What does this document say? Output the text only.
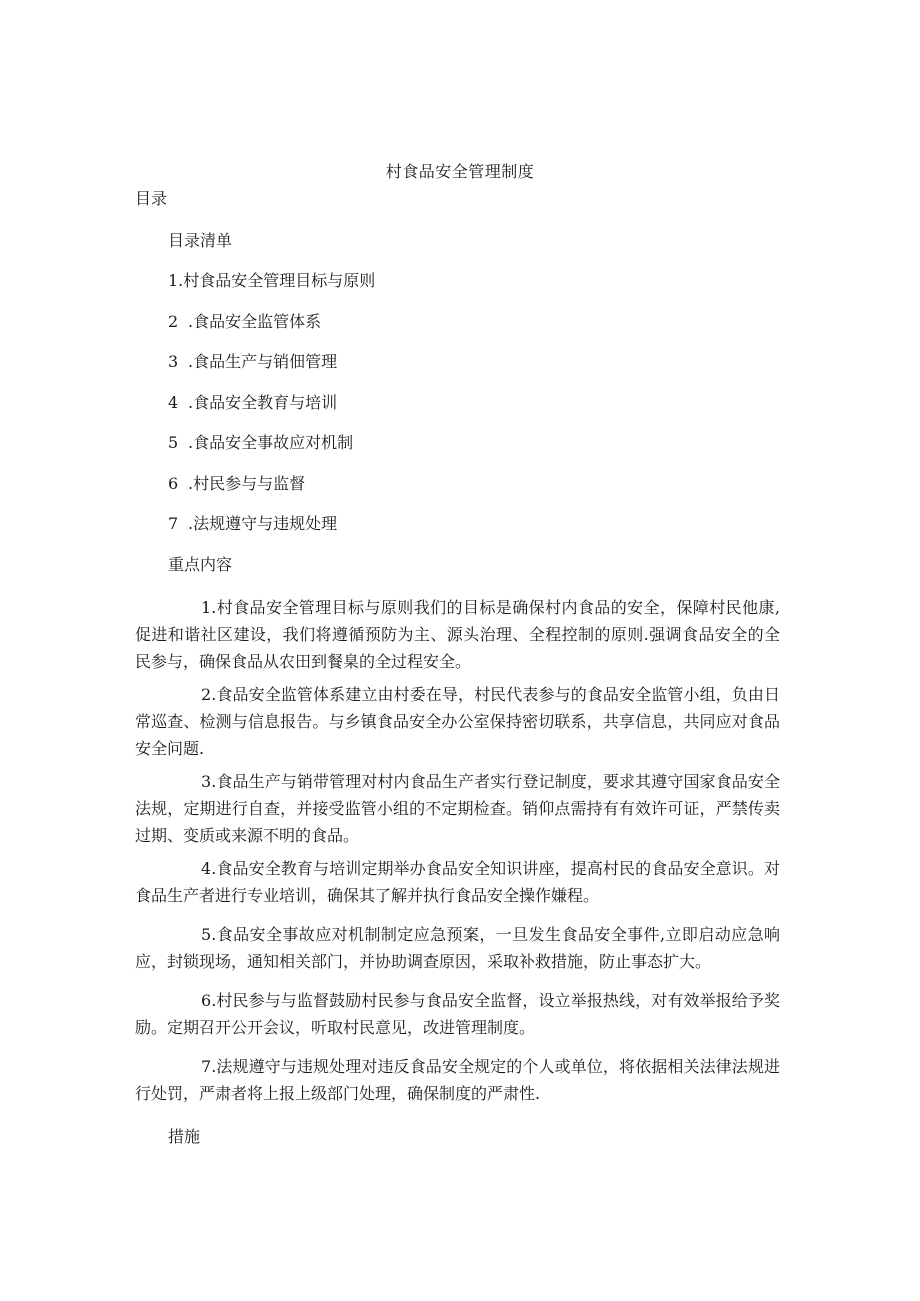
村食品安全管理制度
目录
目录清单
1.村食品安全管理目标与原则
2 .食品安全监管体系
3 .食品生产与销佃管理
4 .食品安全教育与培训
5 .食品安全事故应对机制
6 .村民参与与监督
7 .法规遵守与违规处理
重点内容
1.村食品安全管理目标与原则我们的目标是确保村内食品的安全，保障村民他康,促进和谐社区建设，我们将遵循预防为主、源头治理、全程控制的原则.强调食品安全的全民参与，确保食品从农田到餐臬的全过程安全。
2.食品安全监管体系建立由村委在导，村民代表参与的食品安全监管小组，负由日常巡查、检测与信息报告。与乡镇食品安全办公室保持密切联系，共享信息，共同应对食品安全问题.
3.食品生产与销带管理对村内食品生产者实行登记制度，要求其遵守国家食品安全法规，定期进行自查，并接受监管小组的不定期检查。销仰点需持有有效许可证，严禁传卖过期、变质或来源不明的食品。
4.食品安全教育与培训定期举办食品安全知识讲座，提高村民的食品安全意识。对食品生产者进行专业培训，确保其了解并执行食品安全操作嫌程。
5.食品安全事故应对机制制定应急预案，一旦发生食品安全事件,立即启动应急响应，封锁现场，通知相关部门，并协助调查原因，采取补救措施，防止事态扩大。
6.村民参与与监督鼓励村民参与食品安全监督，设立举报热线，对有效举报给予奖励。定期召开公开会议，听取村民意见，改进管理制度。
7.法规遵守与违规处理对违反食品安全规定的个人或单位，将依据相关法律法规进行处罚，严肃者将上报上级部门处理，确保制度的严肃性.
措施
